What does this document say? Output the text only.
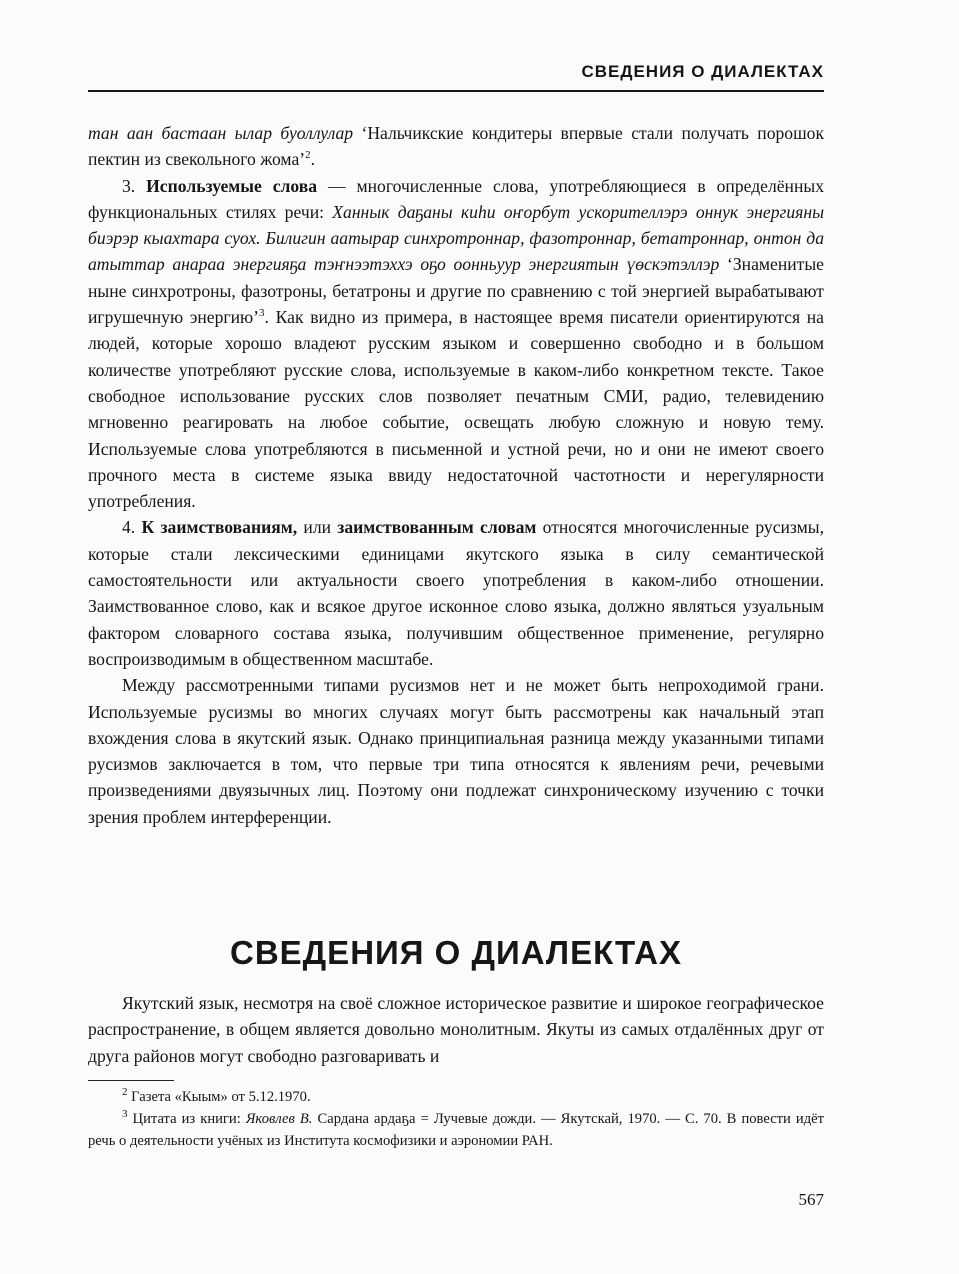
СВЕДЕНИЯ О ДИАЛЕКТАХ

тан аан бастаан ылар буоллулар ‘Нальчикские кондитеры впервые стали получать порошок пектин из свекольного жома’$^2$.

3. Используемые слова — многочисленные слова, употребляющиеся в определённых функциональных стилях речи: Ханнык даҕаны киһи оҥорбут ускорителлэрэ оннук энергияны биэрэр кыахтара суох. Билигин аатырар синхротроннар, фазотроннар, бетатроннар, онтон да атыттар анараа энергияҕа тэҥнээтэххэ оҕо оонньуур энергиятын үөскэтэллэр ‘Знаменитые ныне синхротроны, фазотроны, бетатроны и другие по сравнению с той энергией вырабатывают игрушечную энергию’$^3$. Как видно из примера, в настоящее время писатели ориентируются на людей, которые хорошо владеют русским языком и совершенно свободно и в большом количестве употребляют русские слова, используемые в каком-либо конкретном тексте. Такое свободное использование русских слов позволяет печатным СМИ, радио, телевидению мгновенно реагировать на любое событие, освещать любую сложную и новую тему. Используемые слова употребляются в письменной и устной речи, но и они не имеют своего прочного места в системе языка ввиду недостаточной частотности и нерегулярности употребления.

4. К заимствованиям, или заимствованным словам относятся многочисленные русизмы, которые стали лексическими единицами якутского языка в силу семантической самостоятельности или актуальности своего употребления в каком-либо отношении. Заимствованное слово, как и всякое другое исконное слово языка, должно являться узуальным фактором словарного состава языка, получившим общественное применение, регулярно воспроизводимым в общественном масштабе.

Между рассмотренными типами русизмов нет и не может быть непроходимой грани. Используемые русизмы во многих случаях могут быть рассмотрены как начальный этап вхождения слова в якутский язык. Однако принципиальная разница между указанными типами русизмов заключается в том, что первые три типа относятся к явлениям речи, речевыми произведениями двуязычных лиц. Поэтому они подлежат синхроническому изучению с точки зрения проблем интерференции.

СВЕДЕНИЯ О ДИАЛЕКТАХ

Якутский язык, несмотря на своё сложное историческое развитие и широкое географическое распространение, в общем является довольно монолитным. Якуты из самых отдалённых друг от друга районов могут свободно разговаривать и

$^2$ Газета «Кыым» от 5.12.1970.

$^3$ Цитата из книги: Яковлев В. Сардана ардаҕа = Лучевые дожди. — Якутскай, 1970. — С. 70. В повести идёт речь о деятельности учёных из Института космофизики и аэрономии РАН.

567
